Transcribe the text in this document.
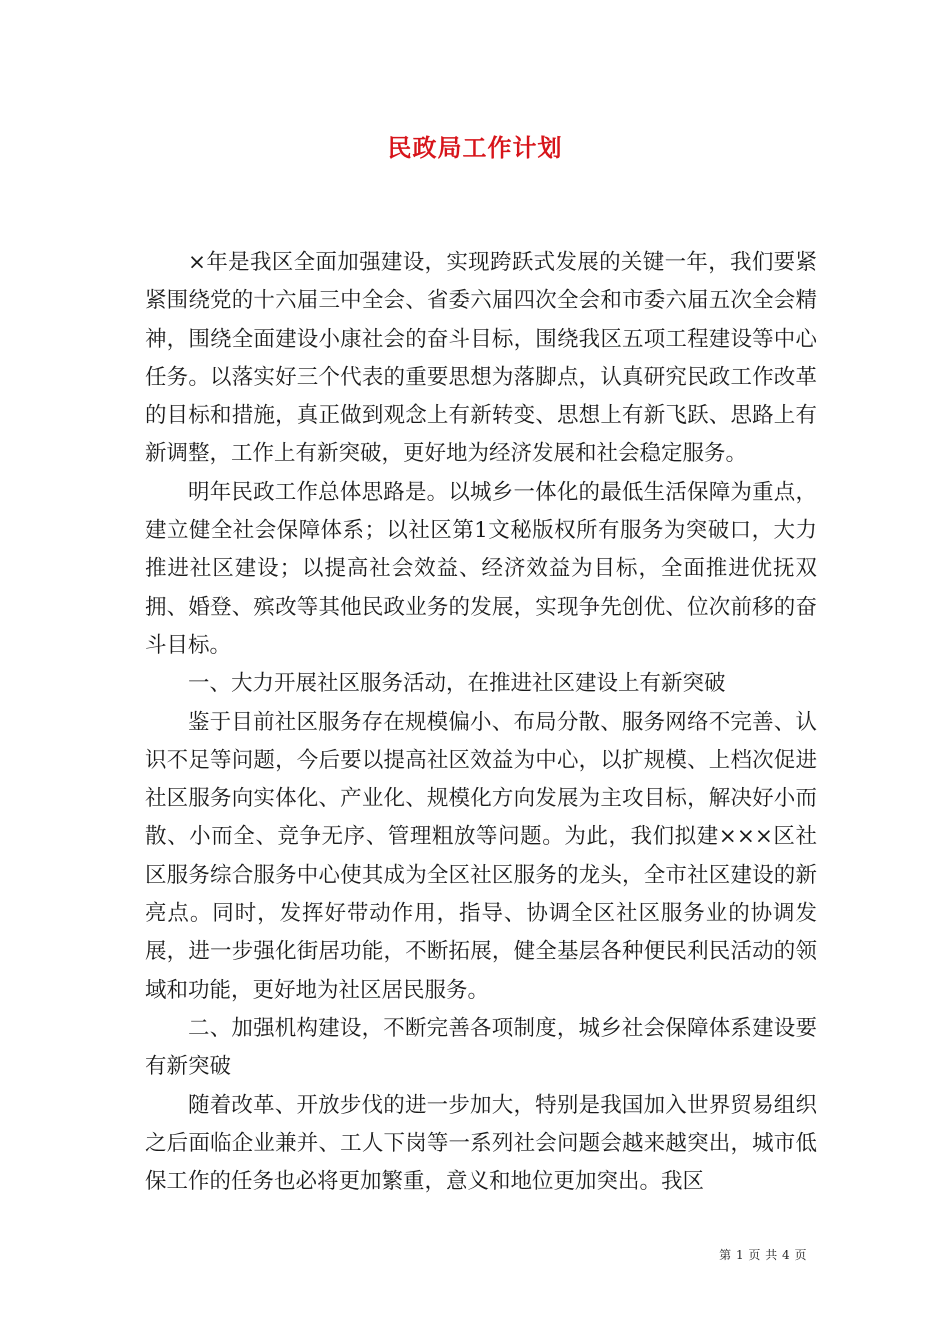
民政局工作计划

×年是我区全面加强建设，实现跨跃式发展的关键一年，我们要紧紧围绕党的十六届三中全会、省委六届四次全会和市委六届五次全会精神，围绕全面建设小康社会的奋斗目标，围绕我区五项工程建设等中心任务。以落实好三个代表的重要思想为落脚点，认真研究民政工作改革的目标和措施，真正做到观念上有新转变、思想上有新飞跃、思路上有新调整，工作上有新突破，更好地为经济发展和社会稳定服务。

明年民政工作总体思路是。以城乡一体化的最低生活保障为重点，建立健全社会保障体系；以社区第1文秘版权所有服务为突破口，大力推进社区建设；以提高社会效益、经济效益为目标，全面推进优抚双拥、婚登、殡改等其他民政业务的发展，实现争先创优、位次前移的奋斗目标。

一、大力开展社区服务活动，在推进社区建设上有新突破

鉴于目前社区服务存在规模偏小、布局分散、服务网络不完善、认识不足等问题，今后要以提高社区效益为中心，以扩规模、上档次促进社区服务向实体化、产业化、规模化方向发展为主攻目标，解决好小而散、小而全、竞争无序、管理粗放等问题。为此，我们拟建×××区社区服务综合服务中心使其成为全区社区服务的龙头，全市社区建设的新亮点。同时，发挥好带动作用，指导、协调全区社区服务业的协调发展，进一步强化街居功能，不断拓展，健全基层各种便民利民活动的领域和功能，更好地为社区居民服务。

二、加强机构建设，不断完善各项制度，城乡社会保障体系建设要有新突破

随着改革、开放步伐的进一步加大，特别是我国加入世界贸易组织之后面临企业兼并、工人下岗等一系列社会问题会越来越突出，城市低保工作的任务也必将更加繁重，意义和地位更加突出。我区

第 1 页 共 4 页
